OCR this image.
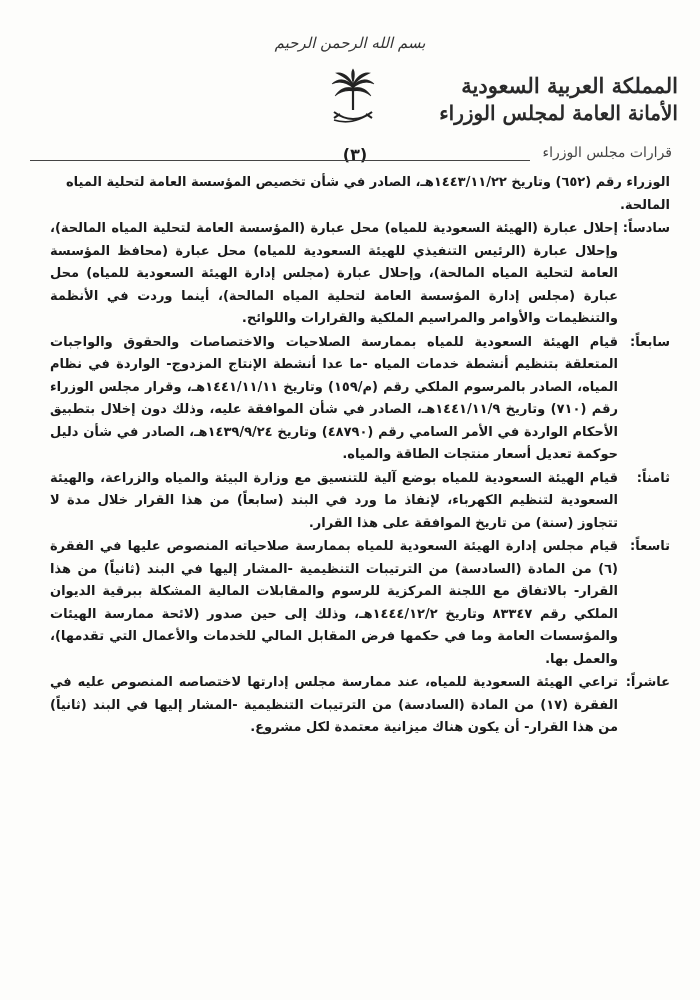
بسم الله الرحمن الرحيم
المملكة العربية السعودية
الأمانة العامة لمجلس الوزراء
(٣)	قرارات مجلس الوزراء

الوزراء رقم (٦٥٢) وتاريخ ١٤٤٣/١١/٢٢هـ، الصادر في شأن تخصيص المؤسسة العامة لتحلية المياه المالحة.

سادساً:
إحلال عبارة (الهيئة السعودية للمياه) محل عبارة (المؤسسة العامة لتحلية المياه المالحة)، وإحلال عبارة (الرئيس التنفيذي للهيئة السعودية للمياه) محل عبارة (محافظ المؤسسة العامة لتحلية المياه المالحة)، وإحلال عبارة (مجلس إدارة الهيئة السعودية للمياه) محل عبارة (مجلس إدارة المؤسسة العامة لتحلية المياه المالحة)، أينما وردت في الأنظمة والتنظيمات والأوامر والمراسيم الملكية والقرارات واللوائح.
سابعاً:
قيام الهيئة السعودية للمياه بممارسة الصلاحيات والاختصاصات والحقوق والواجبات المتعلقة بتنظيم أنشطة خدمات المياه -ما عدا أنشطة الإنتاج المزدوج- الواردة في نظام المياه، الصادر بالمرسوم الملكي رقم (م/١٥٩) وتاريخ ١٤٤١/١١/١١هـ، وقرار مجلس الوزراء رقم (٧١٠) وتاريخ ١٤٤١/١١/٩هـ، الصادر في شأن الموافقة عليه، وذلك دون إخلال بتطبيق الأحكام الواردة في الأمر السامي رقم (٤٨٧٩٠) وتاريخ ١٤٣٩/٩/٢٤هـ، الصادر في شأن دليل حوكمة تعديل أسعار منتجات الطاقة والمياه.
ثامناً:
قيام الهيئة السعودية للمياه بوضع آلية للتنسيق مع وزارة البيئة والمياه والزراعة، والهيئة السعودية لتنظيم الكهرباء، لإنفاذ ما ورد في البند (سابعاً) من هذا القرار خلال مدة لا تتجاوز (سنة) من تاريخ الموافقة على هذا القرار.
تاسعاً:
قيام مجلس إدارة الهيئة السعودية للمياه بممارسة صلاحياته المنصوص عليها في الفقرة (٦) من المادة (السادسة) من الترتيبات التنظيمية -المشار إليها في البند (ثانياً) من هذا القرار- بالاتفاق مع اللجنة المركزية للرسوم والمقابلات المالية المشكلة ببرقية الديوان الملكي رقم ٨٣٣٤٧ وتاريخ ١٤٤٤/١٢/٢هـ، وذلك إلى حين صدور (لائحة ممارسة الهيئات والمؤسسات العامة وما في حكمها فرض المقابل المالي للخدمات والأعمال التي تقدمها)، والعمل بها.
عاشراً:
تراعي الهيئة السعودية للمياه، عند ممارسة مجلس إدارتها لاختصاصه المنصوص عليه في الفقرة (١٧) من المادة (السادسة) من الترتيبات التنظيمية -المشار إليها في البند (ثانياً) من هذا القرار- أن يكون هناك ميزانية معتمدة لكل مشروع.
